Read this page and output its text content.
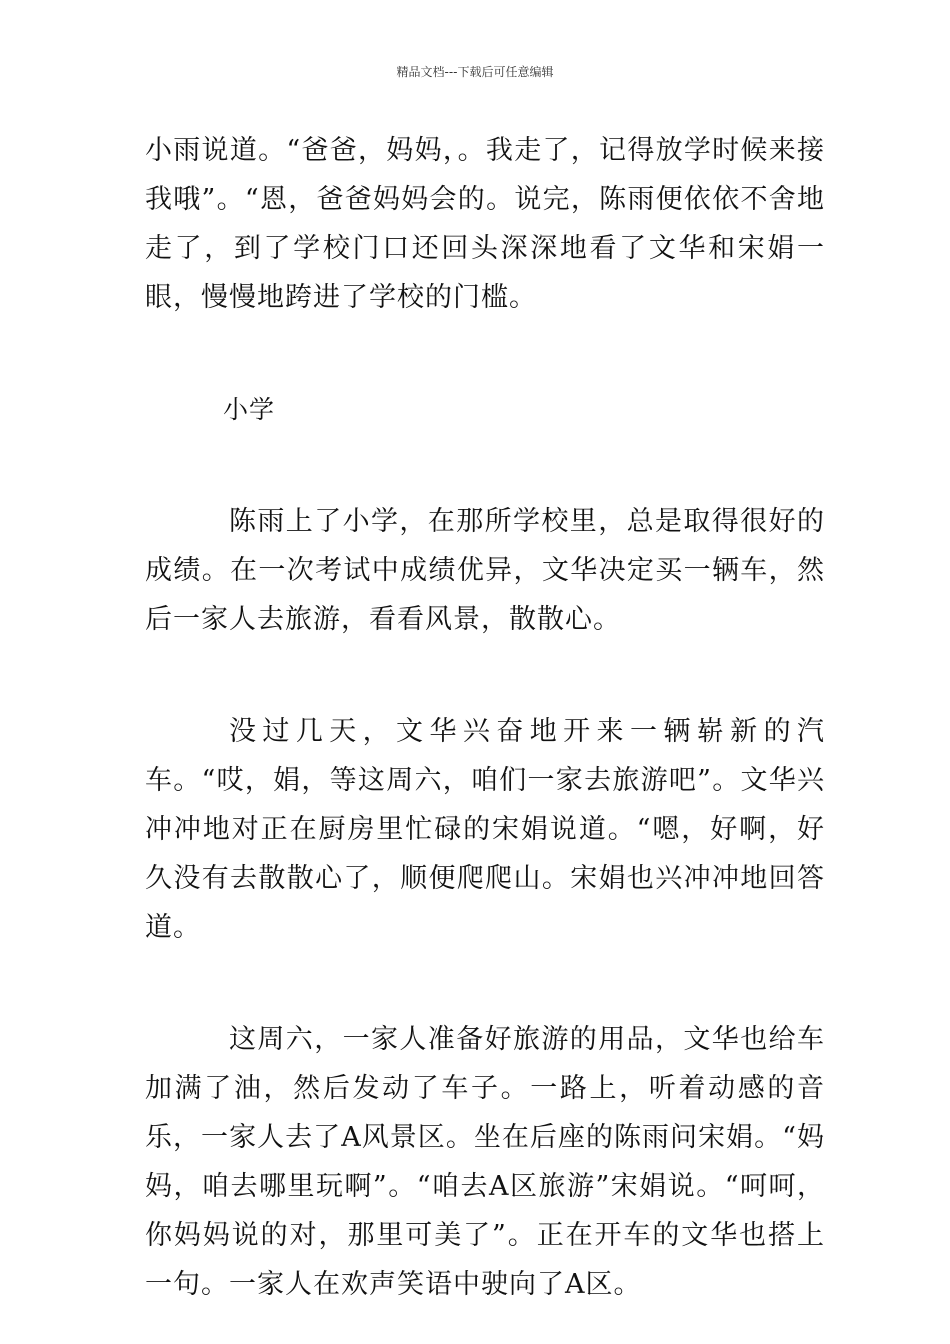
精品文档---下载后可任意编辑

小雨说道。“爸爸，妈妈，。我走了，记得放学时候来接我哦”。“恩，爸爸妈妈会的。说完，陈雨便依依不舍地走了，到了学校门口还回头深深地看了文华和宋娟一眼，慢慢地跨进了学校的门槛。

小学

陈雨上了小学，在那所学校里，总是取得很好的成绩。在一次考试中成绩优异，文华决定买一辆车，然后一家人去旅游，看看风景，散散心。

没过几天，文华兴奋地开来一辆崭新的汽车。“哎，娟，等这周六，咱们一家去旅游吧”。文华兴冲冲地对正在厨房里忙碌的宋娟说道。“嗯，好啊，好久没有去散散心了，顺便爬爬山。宋娟也兴冲冲地回答道。

这周六，一家人准备好旅游的用品，文华也给车加满了油，然后发动了车子。一路上，听着动感的音乐，一家人去了A风景区。坐在后座的陈雨问宋娟。“妈妈，咱去哪里玩啊”。“咱去A区旅游”宋娟说。“呵呵，你妈妈说的对，那里可美了”。正在开车的文华也搭上一句。一家人在欢声笑语中驶向了A区。
